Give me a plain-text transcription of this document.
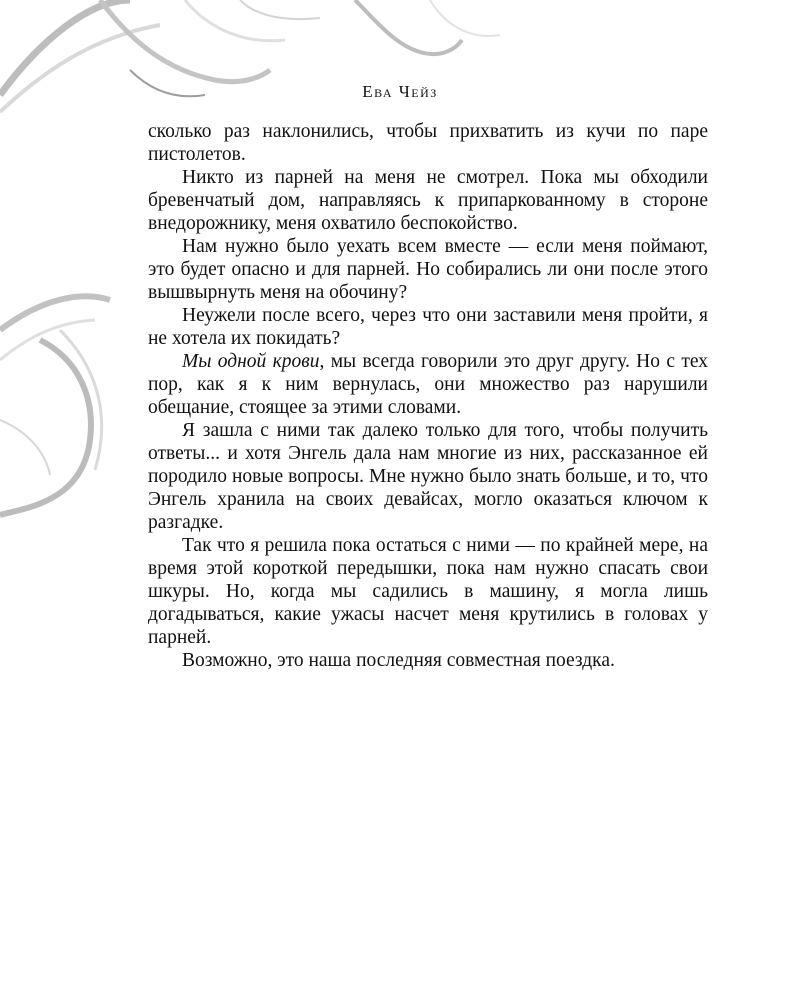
Ева Чейз

сколько раз наклонились, чтобы прихватить из кучи по паре пистолетов.

Никто из парней на меня не смотрел. Пока мы обходили бревенчатый дом, направляясь к припаркованному в стороне внедорожнику, меня охватило беспокойство.

Нам нужно было уехать всем вместе — если меня поймают, это будет опасно и для парней. Но собирались ли они после этого вышвырнуть меня на обочину?

Неужели после всего, через что они заставили меня пройти, я не хотела их покидать?

Мы одной крови, мы всегда говорили это друг другу. Но с тех пор, как я к ним вернулась, они множество раз нарушили обещание, стоящее за этими словами.

Я зашла с ними так далеко только для того, чтобы получить ответы... и хотя Энгель дала нам многие из них, рассказанное ей породило новые вопросы. Мне нужно было знать больше, и то, что Энгель хранила на своих девайсах, могло оказаться ключом к разгадке.

Так что я решила пока остаться с ними — по крайней мере, на время этой короткой передышки, пока нам нужно спасать свои шкуры. Но, когда мы садились в машину, я могла лишь догадываться, какие ужасы насчет меня крутились в головах у парней.

Возможно, это наша последняя совместная поездка.
